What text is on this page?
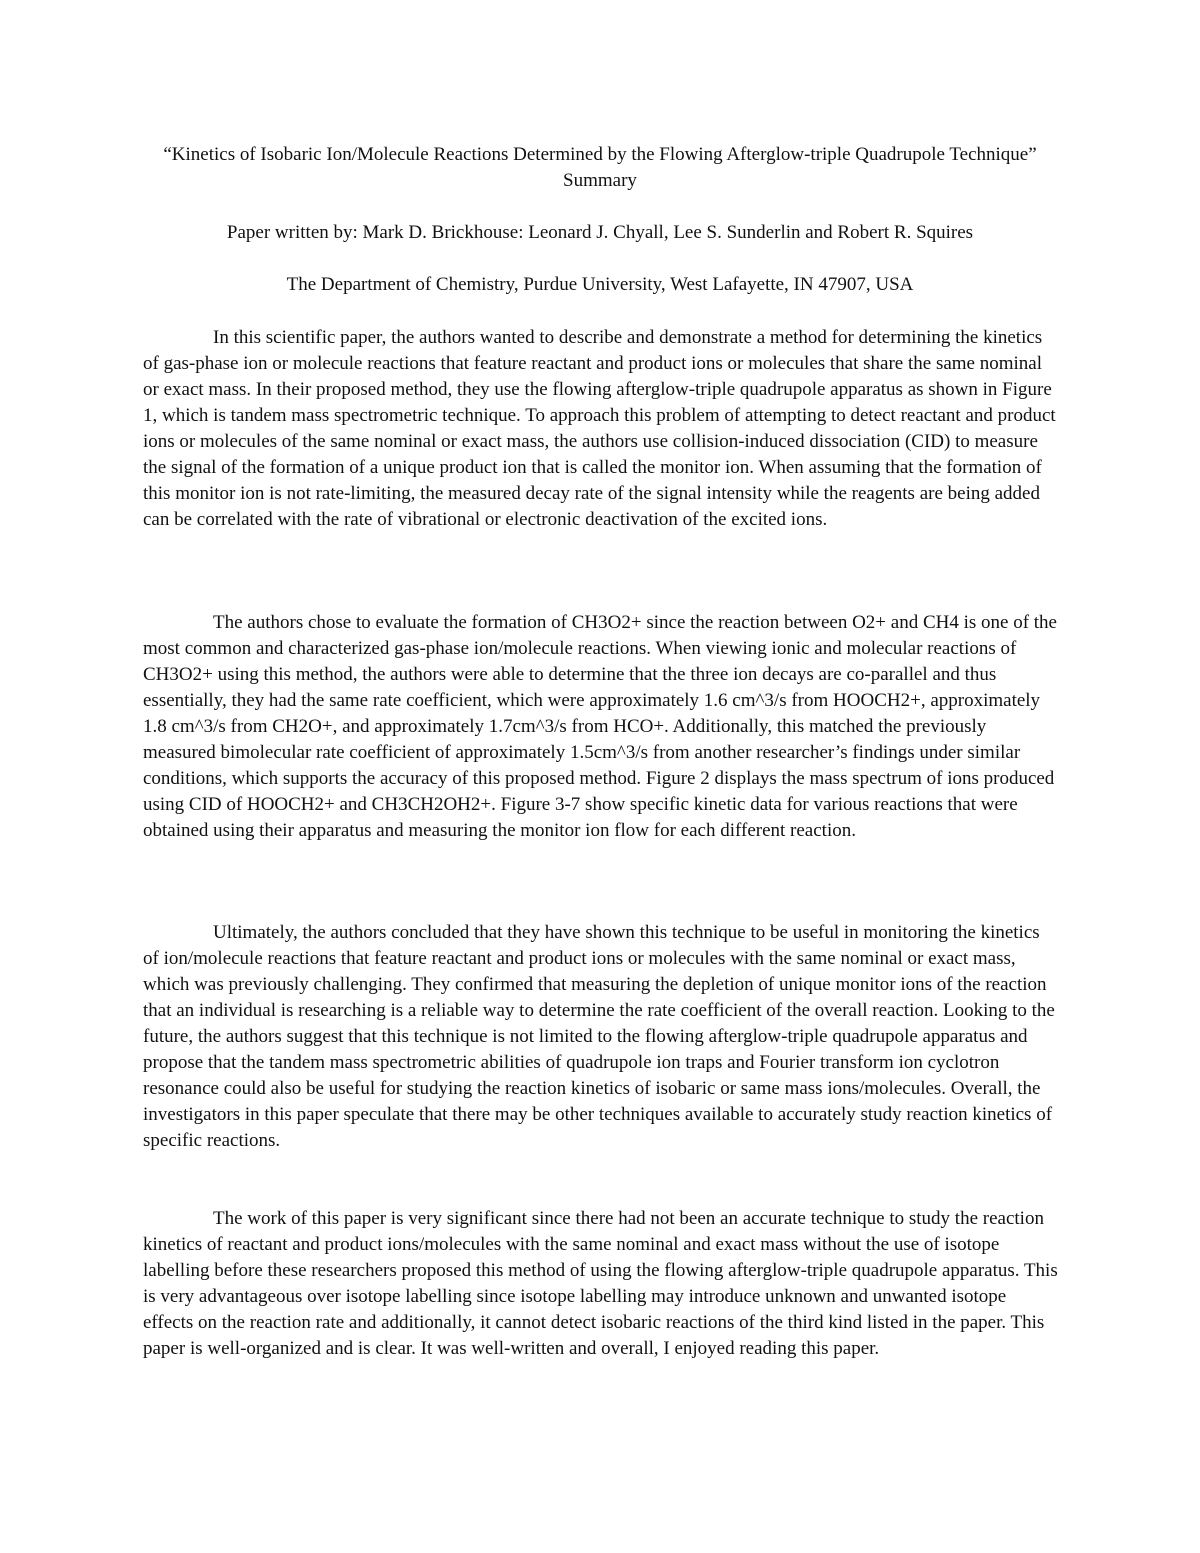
“Kinetics of Isobaric Ion/Molecule Reactions Determined by the Flowing Afterglow-triple Quadrupole Technique” Summary

Paper written by: Mark D. Brickhouse: Leonard J. Chyall, Lee S. Sunderlin and Robert R. Squires

The Department of Chemistry, Purdue University, West Lafayette, IN 47907, USA

In this scientific paper, the authors wanted to describe and demonstrate a method for determining the kinetics of gas-phase ion or molecule reactions that feature reactant and product ions or molecules that share the same nominal or exact mass. In their proposed method, they use the flowing afterglow-triple quadrupole apparatus as shown in Figure 1, which is tandem mass spectrometric technique. To approach this problem of attempting to detect reactant and product ions or molecules of the same nominal or exact mass, the authors use collision-induced dissociation (CID) to measure the signal of the formation of a unique product ion that is called the monitor ion. When assuming that the formation of this monitor ion is not rate-limiting, the measured decay rate of the signal intensity while the reagents are being added can be correlated with the rate of vibrational or electronic deactivation of the excited ions.

The authors chose to evaluate the formation of CH3O2+ since the reaction between O2+ and CH4 is one of the most common and characterized gas-phase ion/molecule reactions. When viewing ionic and molecular reactions of CH3O2+ using this method, the authors were able to determine that the three ion decays are co-parallel and thus essentially, they had the same rate coefficient, which were approximately 1.6 cm^3/s from HOOCH2+, approximately 1.8 cm^3/s from CH2O+, and approximately 1.7cm^3/s from HCO+. Additionally, this matched the previously measured bimolecular rate coefficient of approximately 1.5cm^3/s from another researcher’s findings under similar conditions, which supports the accuracy of this proposed method. Figure 2 displays the mass spectrum of ions produced using CID of HOOCH2+ and CH3CH2OH2+. Figure 3-7 show specific kinetic data for various reactions that were obtained using their apparatus and measuring the monitor ion flow for each different reaction.

Ultimately, the authors concluded that they have shown this technique to be useful in monitoring the kinetics of ion/molecule reactions that feature reactant and product ions or molecules with the same nominal or exact mass, which was previously challenging. They confirmed that measuring the depletion of unique monitor ions of the reaction that an individual is researching is a reliable way to determine the rate coefficient of the overall reaction. Looking to the future, the authors suggest that this technique is not limited to the flowing afterglow-triple quadrupole apparatus and propose that the tandem mass spectrometric abilities of quadrupole ion traps and Fourier transform ion cyclotron resonance could also be useful for studying the reaction kinetics of isobaric or same mass ions/molecules. Overall, the investigators in this paper speculate that there may be other techniques available to accurately study reaction kinetics of specific reactions.

The work of this paper is very significant since there had not been an accurate technique to study the reaction kinetics of reactant and product ions/molecules with the same nominal and exact mass without the use of isotope labelling before these researchers proposed this method of using the flowing afterglow-triple quadrupole apparatus. This is very advantageous over isotope labelling since isotope labelling may introduce unknown and unwanted isotope effects on the reaction rate and additionally, it cannot detect isobaric reactions of the third kind listed in the paper. This paper is well-organized and is clear. It was well-written and overall, I enjoyed reading this paper.
